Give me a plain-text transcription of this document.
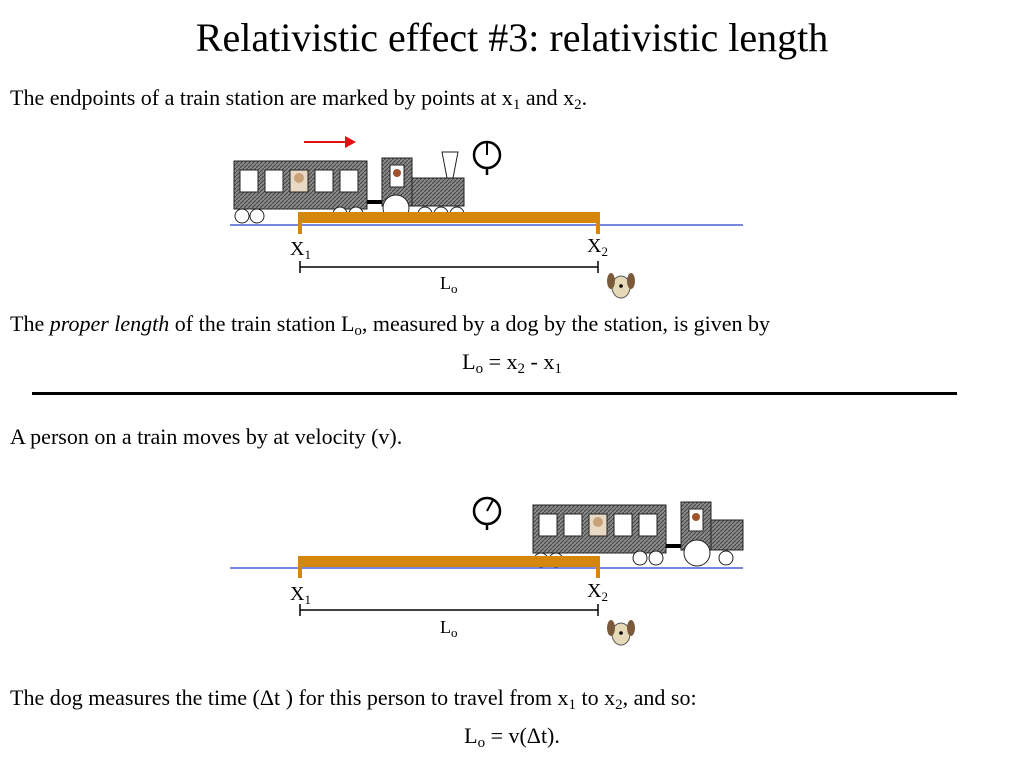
Relativistic effect #3: relativistic length
The endpoints of a train station are marked by points at $x_1$ and $x_2$.
$X_1$	$X_2$
$L_o$
The proper length of the train station $L_o$, measured by a dog by the station, is given by
$L_o = x_2 - x_1$
A person on a train moves by at velocity (v).
$X_1$	$X_2$
$L_o$
The dog measures the time (Δt ) for this person to travel from $x_1$ to $x_2$, and so:
$L_o = v(\Delta t)$.
